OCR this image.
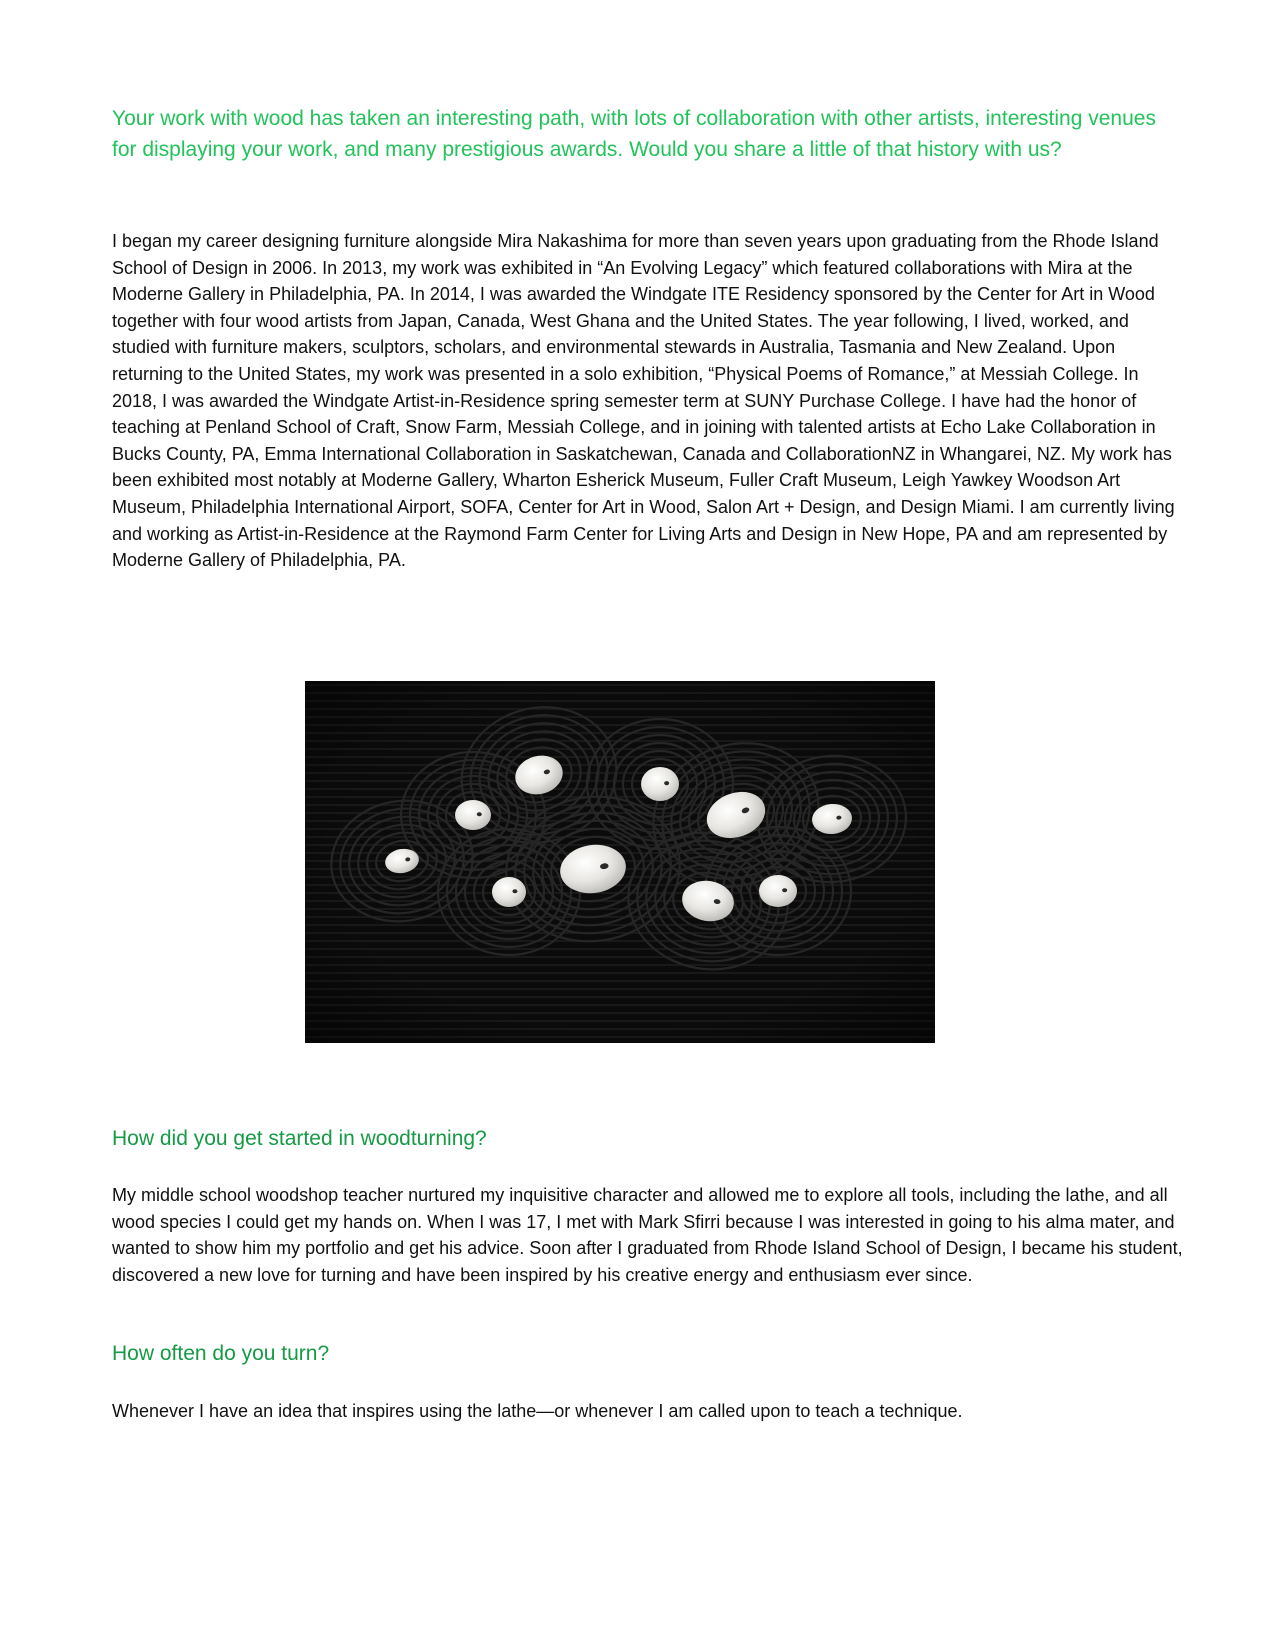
Your work with wood has taken an interesting path, with lots of collaboration with other artists, interesting venues for displaying your work, and many prestigious awards. Would you share a little of that history with us?

I began my career designing furniture alongside Mira Nakashima for more than seven years upon graduating from the Rhode Island School of Design in 2006. In 2013, my work was exhibited in “An Evolving Legacy” which featured collaborations with Mira at the Moderne Gallery in Philadelphia, PA. In 2014, I was awarded the Windgate ITE Residency sponsored by the Center for Art in Wood together with four wood artists from Japan, Canada, West Ghana and the United States. The year following, I lived, worked, and studied with furniture makers, sculptors, scholars, and environmental stewards in Australia, Tasmania and New Zealand. Upon returning to the United States, my work was presented in a solo exhibition, “Physical Poems of Romance,” at Messiah College. In 2018, I was awarded the Windgate Artist-in-Residence spring semester term at SUNY Purchase College. I have had the honor of teaching at Penland School of Craft, Snow Farm, Messiah College, and in joining with talented artists at Echo Lake Collaboration in Bucks County, PA, Emma International Collaboration in Saskatchewan, Canada and CollaborationNZ in Whangarei, NZ. My work has been exhibited most notably at Moderne Gallery, Wharton Esherick Museum, Fuller Craft Museum, Leigh Yawkey Woodson Art Museum, Philadelphia International Airport, SOFA, Center for Art in Wood, Salon Art + Design, and Design Miami. I am currently living and working as Artist-in-Residence at the Raymond Farm Center for Living Arts and Design in New Hope, PA and am represented by Moderne Gallery of Philadelphia, PA.

How did you get started in woodturning?

My middle school woodshop teacher nurtured my inquisitive character and allowed me to explore all tools, including the lathe, and all wood species I could get my hands on. When I was 17, I met with Mark Sfirri because I was interested in going to his alma mater, and wanted to show him my portfolio and get his advice. Soon after I graduated from Rhode Island School of Design, I became his student, discovered a new love for turning and have been inspired by his creative energy and enthusiasm ever since.

How often do you turn?

Whenever I have an idea that inspires using the lathe—or whenever I am called upon to teach a technique.
